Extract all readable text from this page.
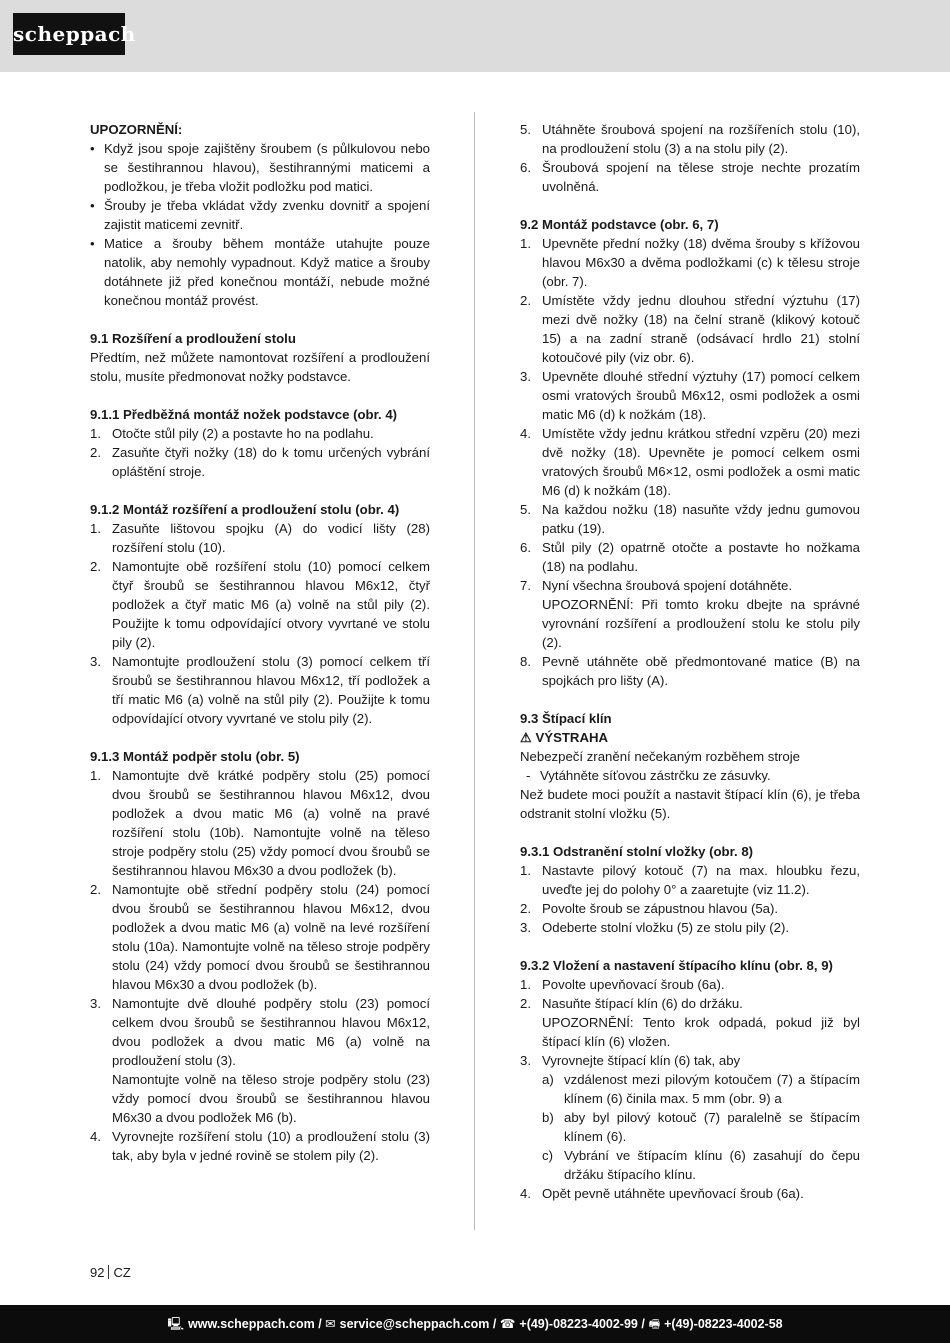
scheppach

UPOZORNĚNÍ:

• Když jsou spoje zajištěny šroubem (s půlkulovou nebo se šestihrannou hlavou), šestihrannými maticemi a podložkou, je třeba vložit podložku pod matici.
• Šrouby je třeba vkládat vždy zvenku dovnitř a spojení zajistit maticemi zevnitř.
• Matice a šrouby během montáže utahujte pouze natolik, aby nemohly vypadnout. Když matice a šrouby dotáhnete již před konečnou montáží, nebude možné konečnou montáž provést.

9.1 Rozšíření a prodloužení stolu

Předtím, než můžete namontovat rozšíření a prodloužení stolu, musíte předmonovat nožky podstavce.

9.1.1 Předběžná montáž nožek podstavce (obr. 4)

1. Otočte stůl pily (2) a postavte ho na podlahu.
2. Zasuňte čtyři nožky (18) do k tomu určených vybrání opláštění stroje.

9.1.2 Montáž rozšíření a prodloužení stolu (obr. 4)

1. Zasuňte lištovou spojku (A) do vodicí lišty (28) rozšíření stolu (10).
2. Namontujte obě rozšíření stolu (10) pomocí celkem čtyř šroubů se šestihrannou hlavou M6x12, čtyř podložek a čtyř matic M6 (a) volně na stůl pily (2). Použijte k tomu odpovídající otvory vyvrtané ve stolu pily (2).
3. Namontujte prodloužení stolu (3) pomocí celkem tří šroubů se šestihrannou hlavou M6x12, tří podložek a tří matic M6 (a) volně na stůl pily (2). Použijte k tomu odpovídající otvory vyvrtané ve stolu pily (2).

9.1.3 Montáž podpěr stolu (obr. 5)

1. Namontujte dvě krátké podpěry stolu (25) pomocí dvou šroubů se šestihrannou hlavou M6x12, dvou podložek a dvou matic M6 (a) volně na pravé rozšíření stolu (10b). Namontujte volně na těleso stroje podpěry stolu (25) vždy pomocí dvou šroubů se šestihrannou hlavou M6x30 a dvou podložek (b).
2. Namontujte obě střední podpěry stolu (24) pomocí dvou šroubů se šestihrannou hlavou M6x12, dvou podložek a dvou matic M6 (a) volně na levé rozšíření stolu (10a). Namontujte volně na těleso stroje podpěry stolu (24) vždy pomocí dvou šroubů se šestihrannou hlavou M6x30 a dvou podložek (b).
3. Namontujte dvě dlouhé podpěry stolu (23) pomocí celkem dvou šroubů se šestihrannou hlavou M6x12, dvou podložek a dvou matic M6 (a) volně na prodloužení stolu (3).
Namontujte volně na těleso stroje podpěry stolu (23) vždy pomocí dvou šroubů se šestihrannou hlavou M6x30 a dvou podložek M6 (b).
4. Vyrovnejte rozšíření stolu (10) a prodloužení stolu (3) tak, aby byla v jedné rovině se stolem pily (2).
5. Utáhněte šroubová spojení na rozšířeních stolu (10), na prodloužení stolu (3) a na stolu pily (2).
6. Šroubová spojení na tělese stroje nechte prozatím uvolněná.

9.2 Montáž podstavce (obr. 6, 7)

1. Upevněte přední nožky (18) dvěma šrouby s křížovou hlavou M6x30 a dvěma podložkami (c) k tělesu stroje (obr. 7).
2. Umístěte vždy jednu dlouhou střední výztuhu (17) mezi dvě nožky (18) na čelní straně (klikový kotouč 15) a na zadní straně (odsávací hrdlo 21) stolní kotoučové pily (viz obr. 6).
3. Upevněte dlouhé střední výztuhy (17) pomocí celkem osmi vratových šroubů M6x12, osmi podložek a osmi matic M6 (d) k nožkám (18).
4. Umístěte vždy jednu krátkou střední vzpěru (20) mezi dvě nožky (18). Upevněte je pomocí celkem osmi vratových šroubů M6×12, osmi podložek a osmi matic M6 (d) k nožkám (18).
5. Na každou nožku (18) nasuňte vždy jednu gumovou patku (19).
6. Stůl pily (2) opatrně otočte a postavte ho nožkama (18) na podlahu.
7. Nyní všechna šroubová spojení dotáhněte.
UPOZORNĚNÍ: Při tomto kroku dbejte na správné vyrovnání rozšíření a prodloužení stolu ke stolu pily (2).
8. Pevně utáhněte obě předmontované matice (B) na spojkách pro lišty (A).

9.3 Štípací klín

⚠ VÝSTRAHA

Nebezpečí zranění nečekaným rozběhem stroje

- Vytáhněte síťovou zástrčku ze zásuvky.

Než budete moci použít a nastavit štípací klín (6), je třeba odstranit stolní vložku (5).

9.3.1 Odstranění stolní vložky (obr. 8)

1. Nastavte pilový kotouč (7) na max. hloubku řezu, uveďte jej do polohy 0° a zaaretujte (viz 11.2).
2. Povolte šroub se zápustnou hlavou (5a).
3. Odeberte stolní vložku (5) ze stolu pily (2).

9.3.2 Vložení a nastavení štípacího klínu (obr. 8, 9)

1. Povolte upevňovací šroub (6a).
2. Nasuňte štípací klín (6) do držáku.
UPOZORNĚNÍ: Tento krok odpadá, pokud již byl štípací klín (6) vložen.
3. Vyrovnejte štípací klín (6) tak, aby
a) vzdálenost mezi pilovým kotoučem (7) a štípacím klínem (6) činila max. 5 mm (obr. 9) a
b) aby byl pilový kotouč (7) paralelně se štípacím klínem (6).
c) Vybrání ve štípacím klínu (6) zasahují do čepu držáku štípacího klínu.
4. Opět pevně utáhněte upevňovací šroub (6a).
92 CZ
🖳 www.scheppach.com / ✉ service@scheppach.com / ☎ +(49)-08223-4002-99 / 🖷 +(49)-08223-4002-58
